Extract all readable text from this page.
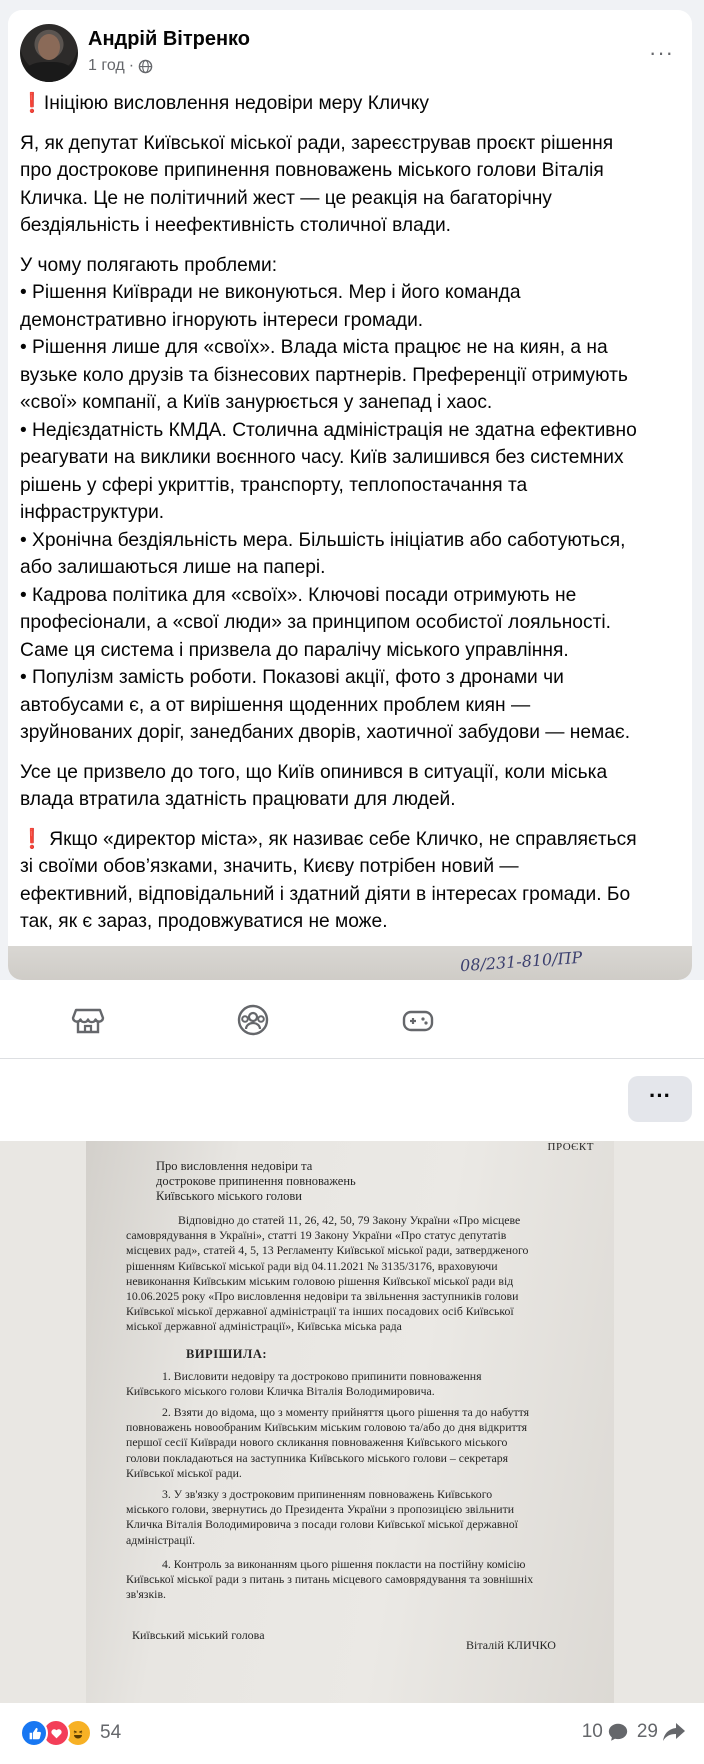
Андрій Вітренко
1 год ·
···

❗Ініціюю висловлення недовіри меру Кличку

Я, як депутат Київської міської ради, зареєстрував проєкт рішення
про дострокове припинення повноважень міського голови Віталія
Кличка. Це не політичний жест — це реакція на багаторічну
бездіяльність і неефективність столичної влади.

У чому полягають проблеми:
• Рішення Київради не виконуються. Мер і його команда
демонстративно ігнорують інтереси громади.
• Рішення лише для «своїх». Влада міста працює не на киян, а на
вузьке коло друзів та бізнесових партнерів. Преференції отримують
«свої» компанії, а Київ занурюється у занепад і хаос.
• Недієздатність КМДА. Столична адміністрація не здатна ефективно
реагувати на виклики воєнного часу. Київ залишився без системних
рішень у сфері укриттів, транспорту, теплопостачання та
інфраструктури.
• Хронічна бездіяльність мера. Більшість ініціатив або саботуються,
або залишаються лише на папері.
• Кадрова політика для «своїх». Ключові посади отримують не
професіонали, а «свої люди» за принципом особистої лояльності.
Саме ця система і призвела до паралічу міського управління.
• Популізм замість роботи. Показові акції, фото з дронами чи
автобусами є, а от вирішення щоденних проблем киян —
зруйнованих доріг, занедбаних дворів, хаотичної забудови — немає.

Усе це призвело до того, що Київ опинився в ситуації, коли міська
влада втратила здатність працювати для людей.

❗ Якщо «директор міста», як називає себе Кличко, не справляється
зі своїми обов’язками, значить, Києву потрібен новий —
ефективний, відповідальний і здатний діяти в інтересах громади. Бо
так, як є зараз, продовжуватися не може.

08/231-810/ПР
···
ПРОЄКТ
Про висловлення недовіри та
дострокове припинення повноважень
Київського міського голови
Відповідно до статей 11, 26, 42, 50, 79 Закону України «Про місцеве
самоврядування в Україні», статті 19 Закону України «Про статус депутатів
місцевих рад», статей 4, 5, 13 Регламенту Київської міської ради, затвердженого
рішенням Київської міської ради від 04.11.2021 № 3135/3176, враховуючи
невиконання Київським міським головою рішення Київської міської ради від
10.06.2025 року «Про висловлення недовіри та звільнення заступників голови
Київської міської державної адміністрації та інших посадових осіб Київської
міської державної адміністрації», Київська міська рада
ВИРІШИЛА:
1. Висловити недовіру та достроково припинити повноваження
Київського міського голови Кличка Віталія Володимировича.
2. Взяти до відома, що з моменту прийняття цього рішення та до набуття
повноважень новообраним Київським міським головою та/або до дня відкриття
першої сесії Київради нового скликання повноваження Київського міського
голови покладаються на заступника Київського міського голови – секретаря
Київської міської ради.
3. У зв'язку з достроковим припиненням повноважень Київського
міського голови, звернутись до Президента України з пропозицією звільнити
Кличка Віталія Володимировича з посади голови Київської міської державної
адміністрації.
4. Контроль за виконанням цього рішення покласти на постійну комісію
Київської міської ради з питань з питань місцевого самоврядування та зовнішніх
зв'язків.
Київський міський голова
Віталій КЛИЧКО
54	10 29
